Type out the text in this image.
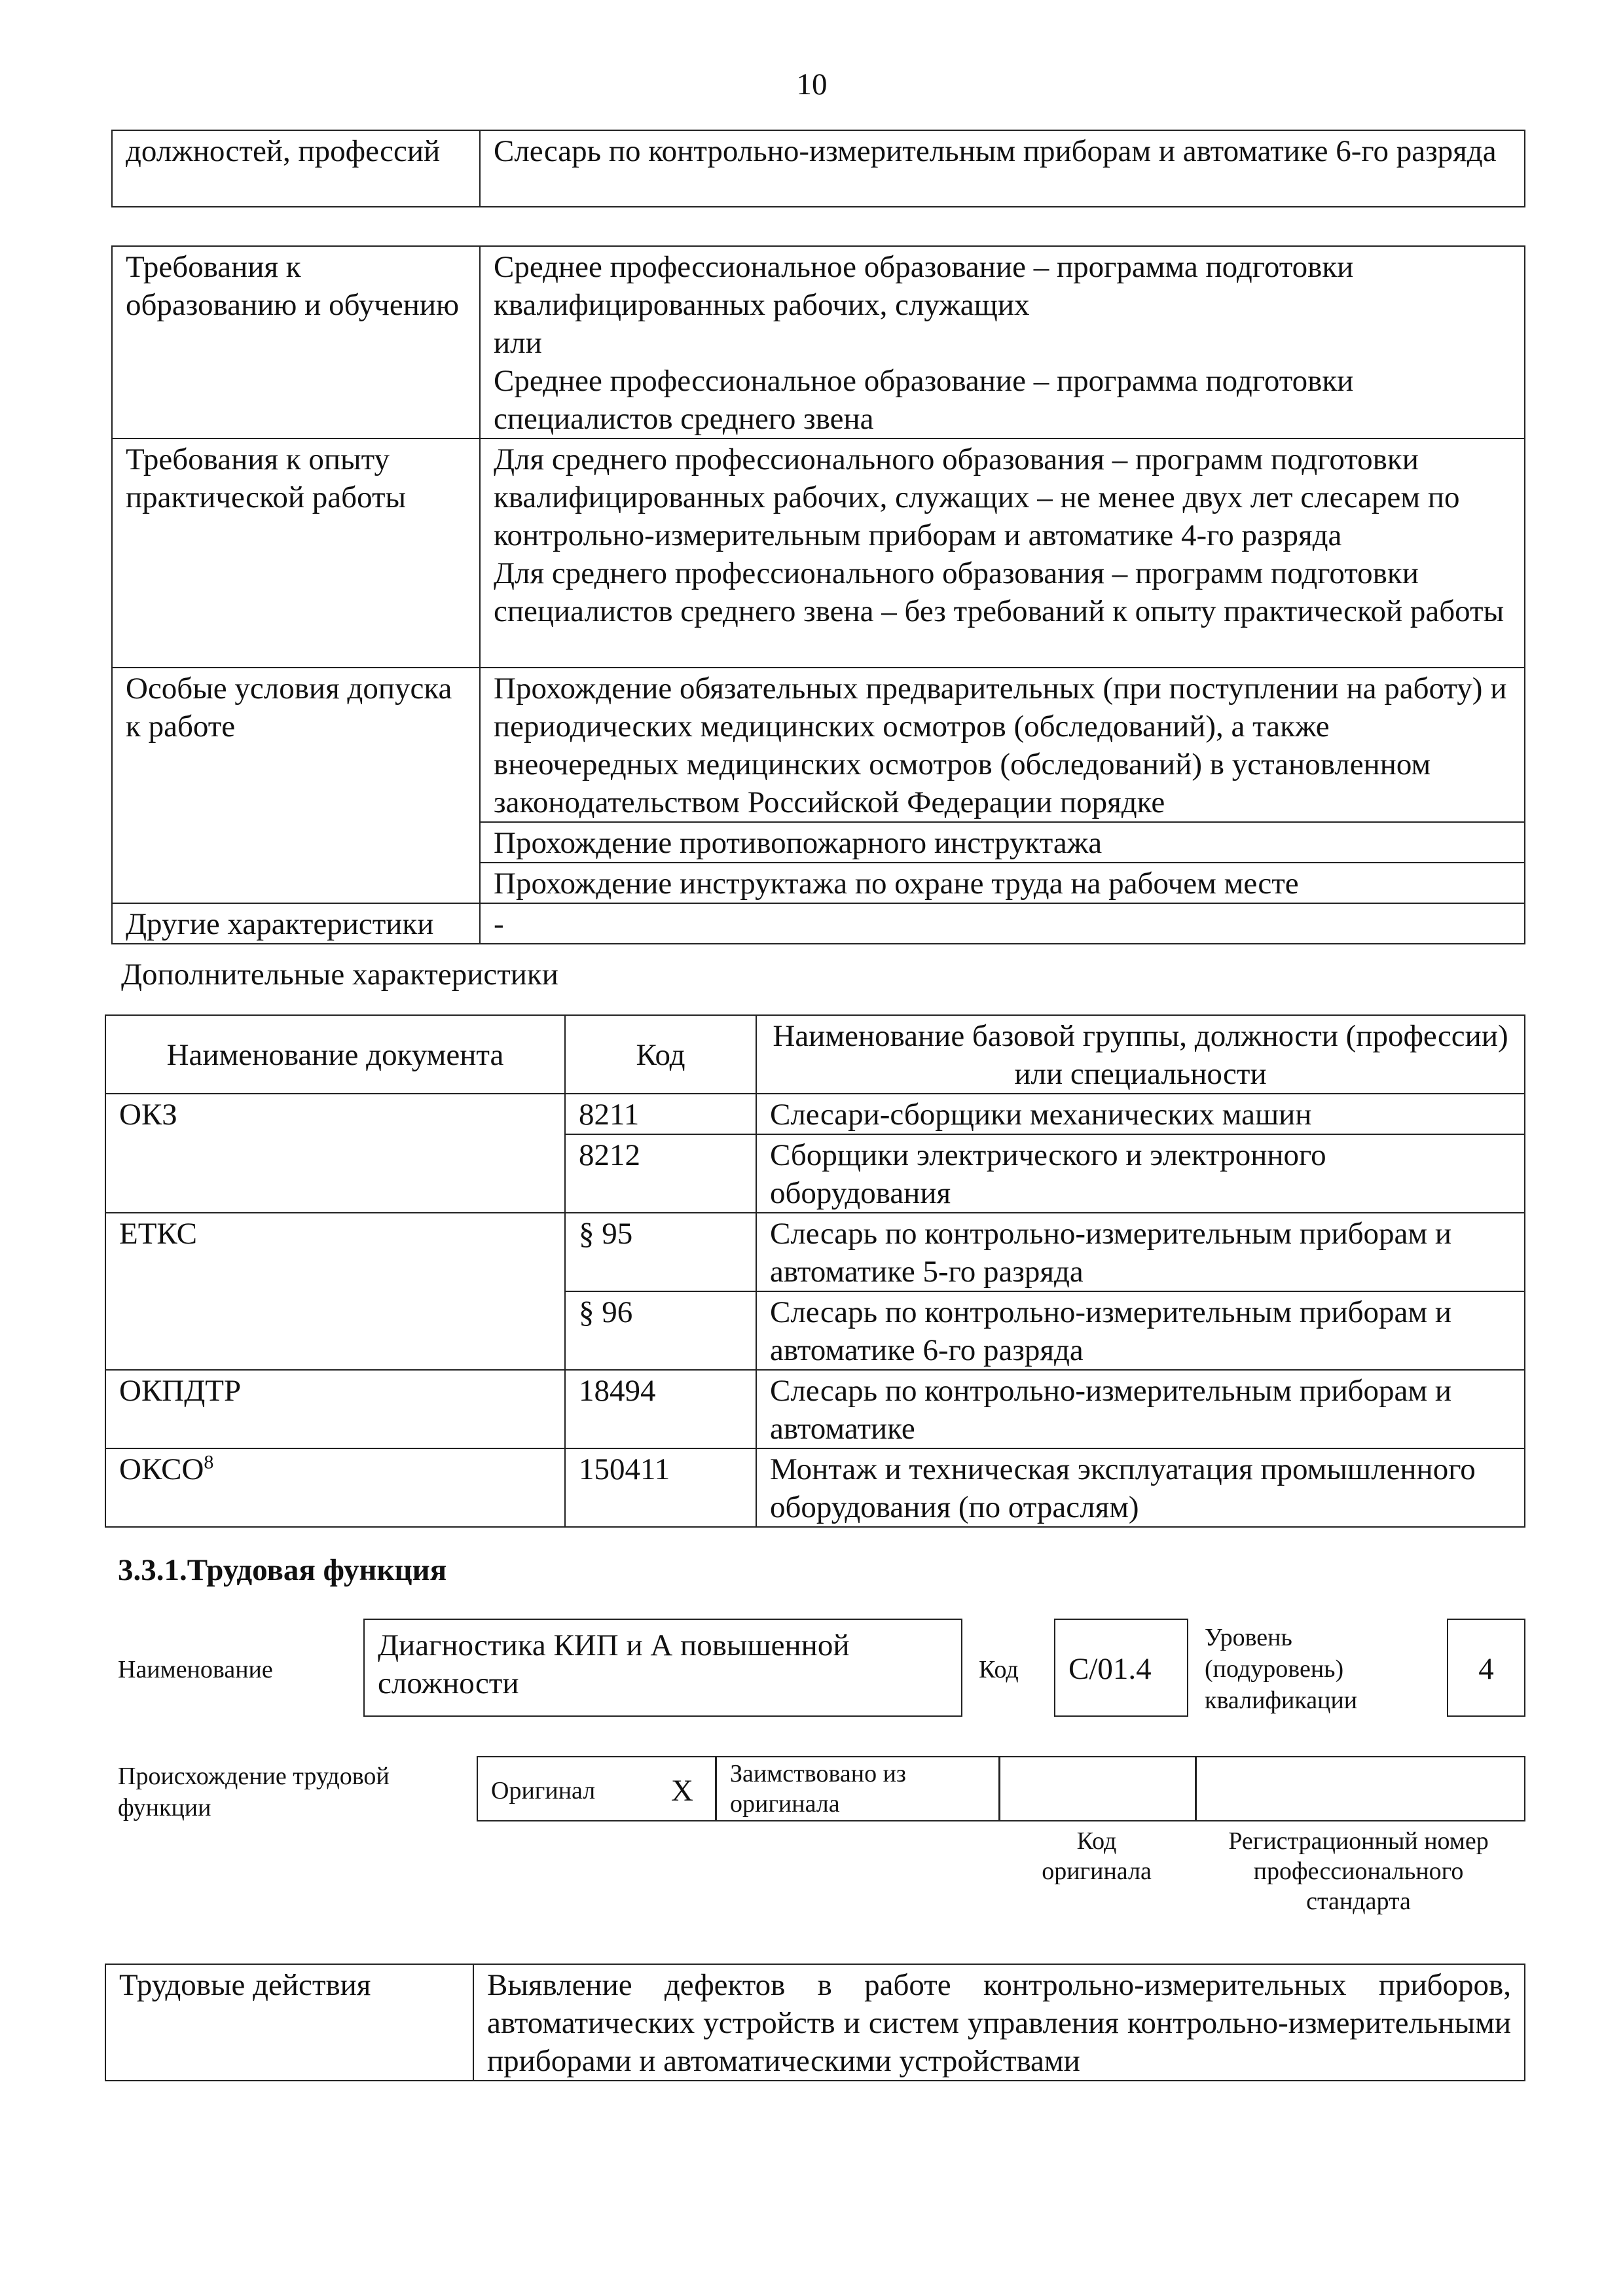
10
должностей, профессий	Слесарь по контрольно-измерительным приборам и автоматике 6-го разряда
Требования к образованию и обучению	Среднее профессиональное образование – программа подготовки квалифицированных рабочих, служащих

или

Среднее профессиональное образование – программа подготовки специалистов среднего звена

Требования к опыту практической работы	Для среднего профессионального образования – программ подготовки квалифицированных рабочих, служащих – не менее двух лет слесарем по контрольно-измерительным приборам и автоматике 4-го разряда

Для среднего профессионального образования – программ подготовки специалистов среднего звена – без требований к опыту практической работы

Особые условия допуска к работе	Прохождение обязательных предварительных (при поступлении на работу) и периодических медицинских осмотров (обследований), а также внеочередных медицинских осмотров (обследований) в установленном законодательством Российской Федерации порядке
	Прохождение противопожарного инструктажа
	Прохождение инструктажа по охране труда на рабочем месте
Другие характеристики	-
Дополнительные характеристики
Наименование документа	Код	Наименование базовой группы, должности (профессии) или специальности
ОКЗ	8211	Слесари-сборщики механических машин
	8212	Сборщики электрического и электронного оборудования
ЕТКС	§ 95	Слесарь по контрольно-измерительным приборам и автоматике 5-го разряда
	§ 96	Слесарь по контрольно-измерительным приборам и автоматике 6-го разряда
ОКПДТР	18494	Слесарь по контрольно-измерительным приборам и автоматике
ОКСО$^8$	150411	Монтаж и техническая эксплуатация промышленного оборудования (по отраслям)
3.3.1.Трудовая функция
Наименование
Диагностика КИП и А повышенной сложности	Код C/01.4
Уровень (подуровень) квалификации
4
Происхождение трудовой функции
Оригинал X Заимствовано из оригинала
Код оригинала
Регистрационный номер профессионального стандарта
Трудовые действия	Выявление дефектов в работе контрольно-измерительных приборов, автоматических устройств и систем управления контрольно-измерительными приборами и автоматическими устройствами
